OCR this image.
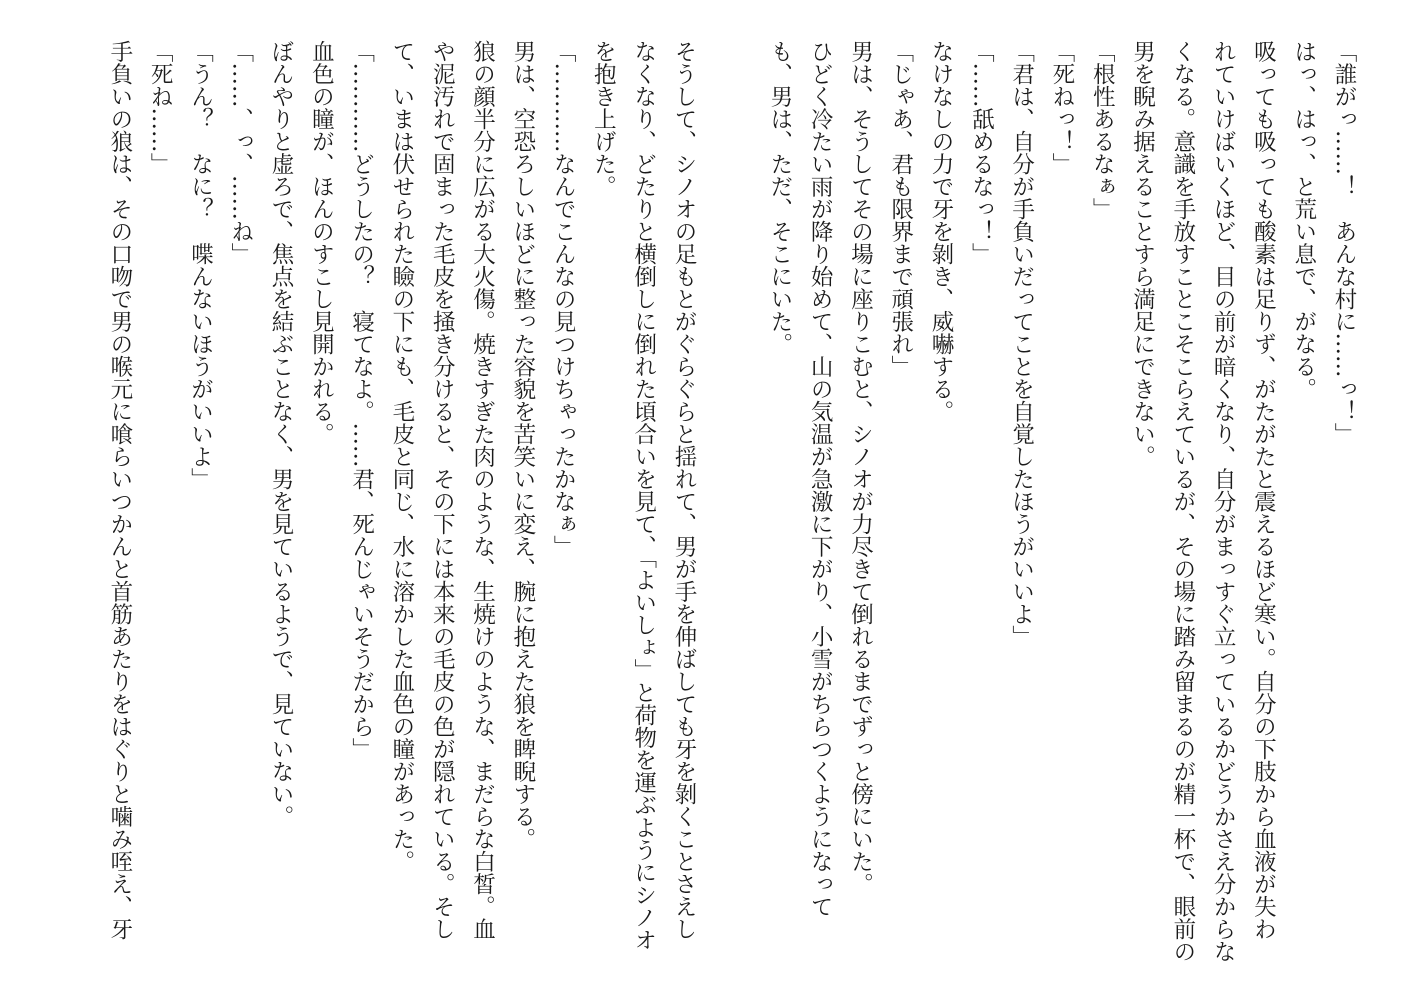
「誰がっ……！　あんな村に……っ！」
はっ、はっ、と荒い息で、がなる。
吸っても吸っても酸素は足りず、がたがたと震えるほど寒い。自分の下肢から血液が失わ
れていけばいくほど、目の前が暗くなり、自分がまっすぐ立っているかどうかさえ分からな
くなる。意識を手放すことこそこらえているが、その場に踏み留まるのが精一杯で、眼前の
男を睨み据えることすら満足にできない。
「根性あるなぁ」
「死ねっ！」
「君は、自分が手負いだってことを自覚したほうがいいよ」
「……舐めるなっ！」
なけなしの力で牙を剝き、威嚇する。
「じゃあ、君も限界まで頑張れ」
男は、そうしてその場に座りこむと、シノオが力尽きて倒れるまでずっと傍にいた。
ひどく冷たい雨が降り始めて、山の気温が急激に下がり、小雪がちらつくようになって
も、男は、ただ、そこにいた。
そうして、シノオの足もとがぐらぐらと揺れて、男が手を伸ばしても牙を剝くことさえし
なくなり、どたりと横倒しに倒れた頃合いを見て、「よいしょ」と荷物を運ぶようにシノオ
を抱き上げた。
「…………なんでこんなの見つけちゃったかなぁ」
男は、空恐ろしいほどに整った容貌を苦笑いに変え、腕に抱えた狼を睥睨する。
狼の顔半分に広がる大火傷。焼きすぎた肉のような、生焼けのような、まだらな白皙。血
や泥汚れで固まった毛皮を掻き分けると、その下には本来の毛皮の色が隠れている。そし
て、いまは伏せられた瞼の下にも、毛皮と同じ、水に溶かした血色の瞳があった。
「…………どうしたの？　寝てなよ。……君、死んじゃいそうだから」
血色の瞳が、ほんのすこし見開かれる。
ぼんやりと虚ろで、焦点を結ぶことなく、男を見ているようで、見ていない。
「……、っ、……ね」
「うん？　なに？　喋んないほうがいいよ」
「死ね……」
手負いの狼は、その口吻で男の喉元に喰らいつかんと首筋あたりをはぐりと噛み咥え、牙
